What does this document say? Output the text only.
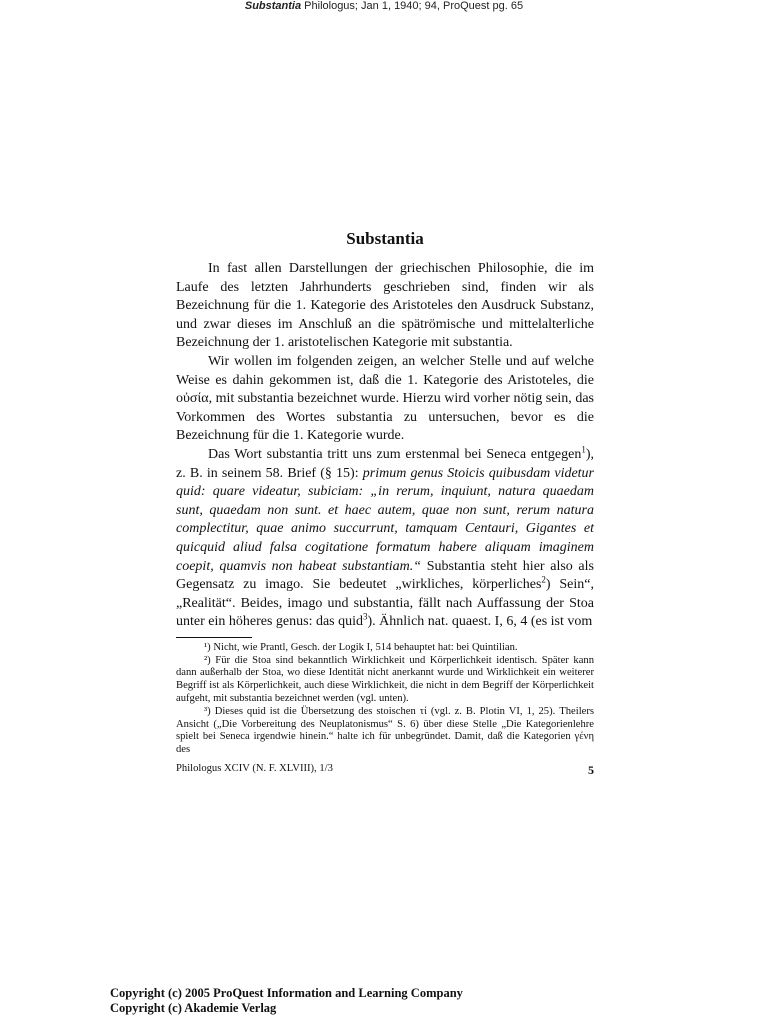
Substantia Philologus; Jan 1, 1940; 94, ProQuest pg. 65
Substantia

In fast allen Darstellungen der griechischen Philosophie, die im Laufe des letzten Jahrhunderts geschrieben sind, finden wir als Bezeichnung für die 1. Kategorie des Aristoteles den Ausdruck Substanz, und zwar dieses im Anschluß an die spätrömische und mittelalterliche Bezeichnung der 1. aristotelischen Kategorie mit substantia.

Wir wollen im folgenden zeigen, an welcher Stelle und auf welche Weise es dahin gekommen ist, daß die 1. Kategorie des Aristoteles, die οὐσία, mit substantia bezeichnet wurde. Hierzu wird vorher nötig sein, das Vorkommen des Wortes substantia zu untersuchen, bevor es die Bezeichnung für die 1. Kategorie wurde.

Das Wort substantia tritt uns zum erstenmal bei Seneca entgegen$^1$), z. B. in seinem 58. Brief (§ 15): primum genus Stoicis quibusdam videtur quid: quare videatur, subiciam: „in rerum, inquiunt, natura quaedam sunt, quaedam non sunt. et haec autem, quae non sunt, rerum natura complectitur, quae animo succurrunt, tamquam Centauri, Gigantes et quicquid aliud falsa cogitatione formatum habere aliquam imaginem coepit, quamvis non habeat substantiam.“ Substantia steht hier also als Gegensatz zu imago. Sie bedeutet „wirkliches, körperliches$^2$) Sein“, „Realität“. Beides, imago und substantia, fällt nach Auffassung der Stoa unter ein höheres genus: das quid$^3$). Ähnlich nat. quaest. I, 6, 4 (es ist vom

¹) Nicht, wie Prantl, Gesch. der Logik I, 514 behauptet hat: bei Quintilian.

²) Für die Stoa sind bekanntlich Wirklichkeit und Körperlichkeit identisch. Später kann dann außerhalb der Stoa, wo diese Identität nicht anerkannt wurde und Wirklichkeit ein weiterer Begriff ist als Körperlichkeit, auch diese Wirklichkeit, die nicht in dem Begriff der Körperlichkeit aufgeht, mit substantia bezeichnet werden (vgl. unten).

³) Dieses quid ist die Übersetzung des stoischen τί (vgl. z. B. Plotin VI, 1, 25). Theilers Ansicht („Die Vorbereitung des Neuplatonismus“ S. 6) über diese Stelle „Die Kategorienlehre spielt bei Seneca irgendwie hinein.“ halte ich für unbegründet. Damit, daß die Kategorien γένη des

Philologus XCIV (N. F. XLVIII), 1/3	5
Copyright (c) 2005 ProQuest Information and Learning Company
Copyright (c) Akademie Verlag
